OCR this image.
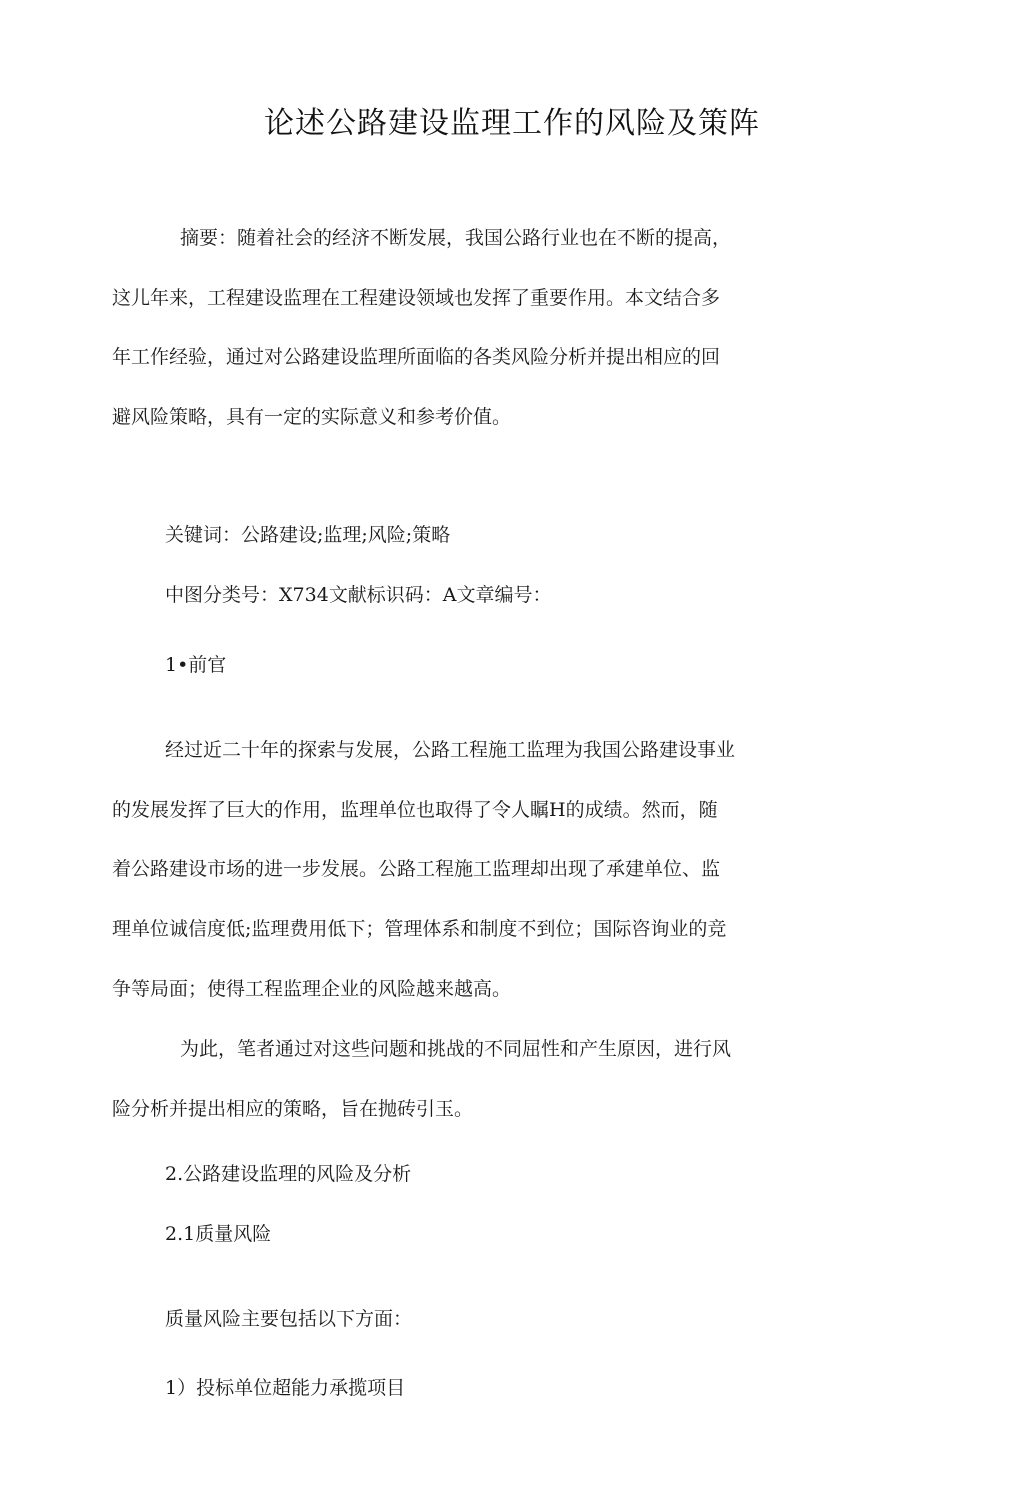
论述公路建设监理工作的风险及策阵
摘要：随着社会的经济不断发展，我国公路行业也在不断的提高，
这儿年来，工程建设监理在工程建设领域也发挥了重要作用。本文结合多
年工作经验，通过对公路建设监理所面临的各类风险分析并提出相应的回
避风险策略，具有一定的实际意义和参考价值。
关键词：公路建设;监理;风险;策略
中图分类号：X734文献标识码：A文章编号：
1•前官
经过近二十年的探索与发展，公路工程施工监理为我国公路建设事业
的发展发挥了巨大的作用，监理单位也取得了令人瞩H的成绩。然而，随
着公路建设市场的进一步发展。公路工程施工监理却出现了承建单位、监
理单位诚信度低;监理费用低下；管理体系和制度不到位；国际咨询业的竞
争等局面；使得工程监理企业的风险越来越高。
为此，笔者通过对这些问题和挑战的不同屈性和产生原因，进行风
险分析并提出相应的策略，旨在抛砖引玉。
2.公路建设监理的风险及分析
2.1质量风险
质量风险主要包括以下方面：
1）投标单位超能力承揽项目
